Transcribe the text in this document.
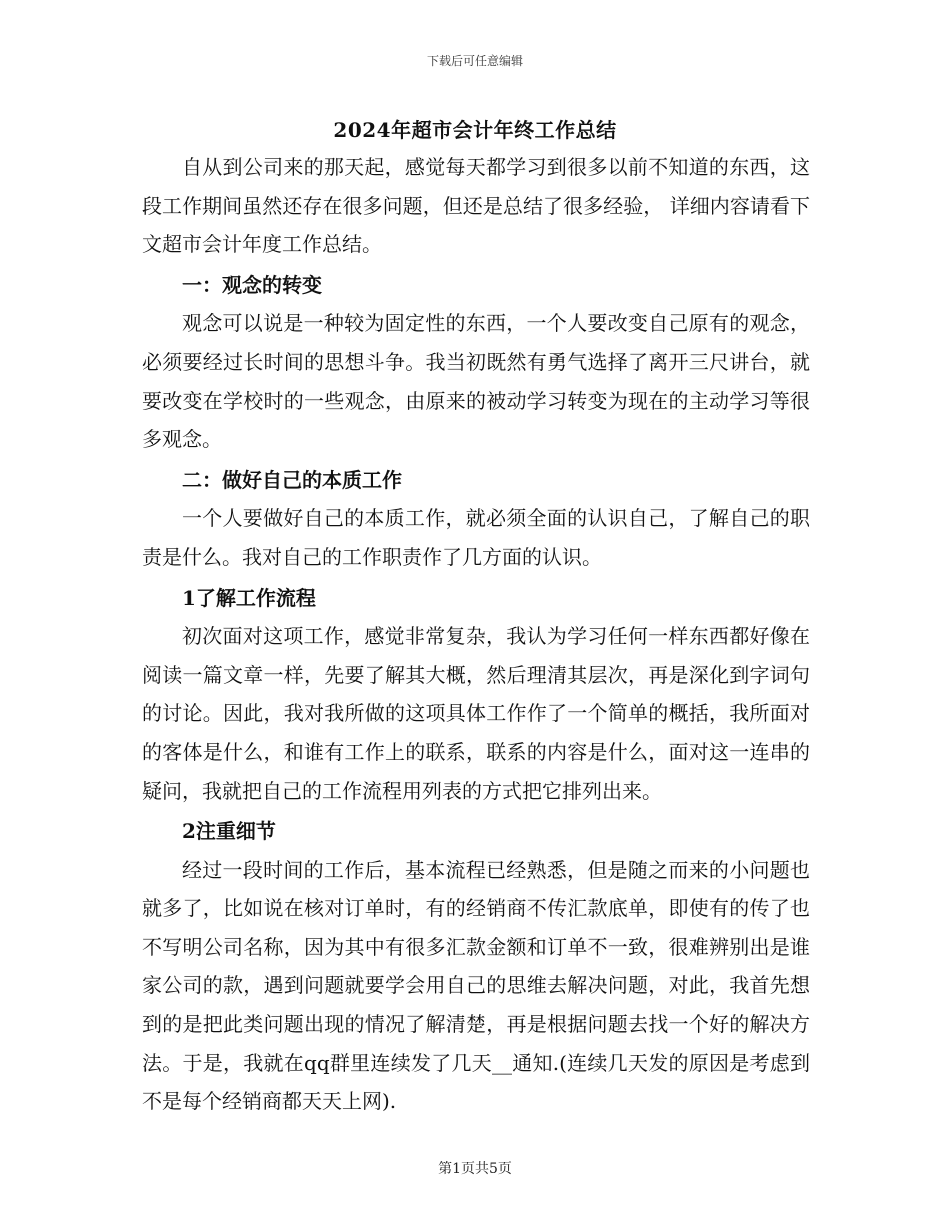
下载后可任意编辑
2024年超市会计年终工作总结

自从到公司来的那天起，感觉每天都学习到很多以前不知道的东西，这段工作期间虽然还存在很多问题，但还是总结了很多经验， 详细内容请看下文超市会计年度工作总结。

一：观念的转变

观念可以说是一种较为固定性的东西，一个人要改变自己原有的观念，必须要经过长时间的思想斗争。我当初既然有勇气选择了离开三尺讲台，就要改变在学校时的一些观念，由原来的被动学习转变为现在的主动学习等很多观念。

二：做好自己的本质工作

一个人要做好自己的本质工作，就必须全面的认识自己，了解自己的职责是什么。我对自己的工作职责作了几方面的认识。

1了解工作流程

初次面对这项工作，感觉非常复杂，我认为学习任何一样东西都好像在阅读一篇文章一样，先要了解其大概，然后理清其层次，再是深化到字词句的讨论。因此，我对我所做的这项具体工作作了一个简单的概括，我所面对的客体是什么，和谁有工作上的联系，联系的内容是什么，面对这一连串的疑问，我就把自己的工作流程用列表的方式把它排列出来。

2注重细节

经过一段时间的工作后，基本流程已经熟悉，但是随之而来的小问题也就多了，比如说在核对订单时，有的经销商不传汇款底单，即使有的传了也不写明公司名称，因为其中有很多汇款金额和订单不一致，很难辨别出是谁家公司的款，遇到问题就要学会用自己的思维去解决问题，对此，我首先想到的是把此类问题出现的情况了解清楚，再是根据问题去找一个好的解决方法。于是，我就在qq群里连续发了几天__通知.(连续几天发的原因是考虑到不是每个经销商都天天上网).

第1页共5页
